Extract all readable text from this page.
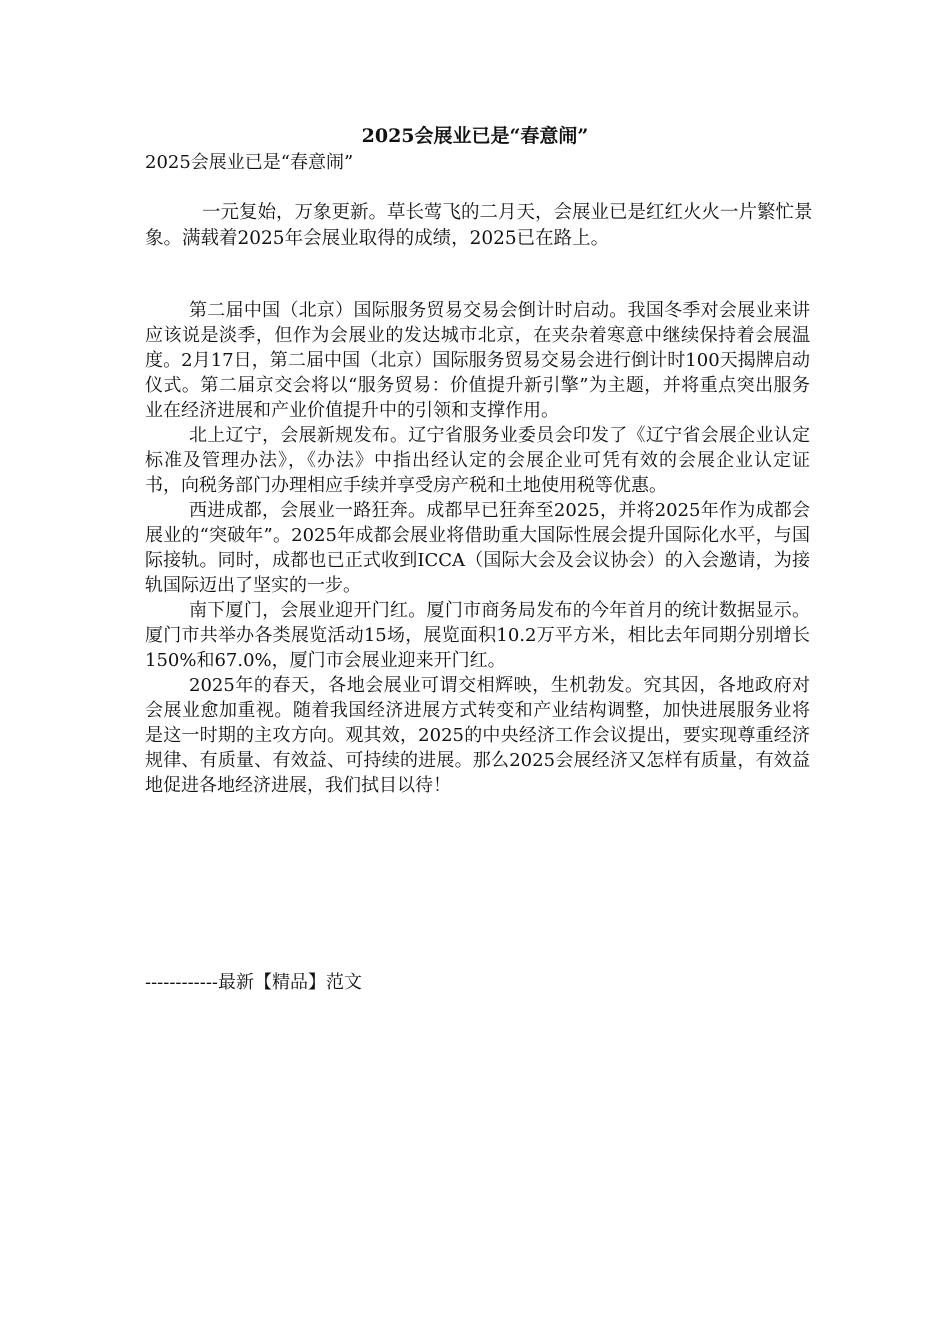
2025会展业已是“春意闹”

2025会展业已是“春意闹”

一元复始，万象更新。草长莺飞的二月天，会展业已是红红火火一片繁忙景象。满载着2025年会展业取得的成绩，2025已在路上。

第二届中国（北京）国际服务贸易交易会倒计时启动。我国冬季对会展业来讲应该说是淡季，但作为会展业的发达城市北京，在夹杂着寒意中继续保持着会展温度。2月17日，第二届中国（北京）国际服务贸易交易会进行倒计时100天揭牌启动仪式。第二届京交会将以“服务贸易：价值提升新引擎”为主题，并将重点突出服务业在经济进展和产业价值提升中的引领和支撑作用。

北上辽宁，会展新规发布。辽宁省服务业委员会印发了《辽宁省会展企业认定标准及管理办法》，《办法》中指出经认定的会展企业可凭有效的会展企业认定证书，向税务部门办理相应手续并享受房产税和土地使用税等优惠。

西进成都，会展业一路狂奔。成都早已狂奔至2025，并将2025年作为成都会展业的“突破年”。2025年成都会展业将借助重大国际性展会提升国际化水平，与国际接轨。同时，成都也已正式收到ICCA（国际大会及会议协会）的入会邀请，为接轨国际迈出了坚实的一步。

南下厦门，会展业迎开门红。厦门市商务局发布的今年首月的统计数据显示。厦门市共举办各类展览活动15场，展览面积10.2万平方米，相比去年同期分别增长150%和67.0%，厦门市会展业迎来开门红。

2025年的春天，各地会展业可谓交相辉映，生机勃发。究其因，各地政府对会展业愈加重视。随着我国经济进展方式转变和产业结构调整，加快进展服务业将是这一时期的主攻方向。观其效，2025的中央经济工作会议提出，要实现尊重经济规律、有质量、有效益、可持续的进展。那么2025会展经济又怎样有质量，有效益地促进各地经济进展，我们拭目以待！

------------最新【精品】范文
